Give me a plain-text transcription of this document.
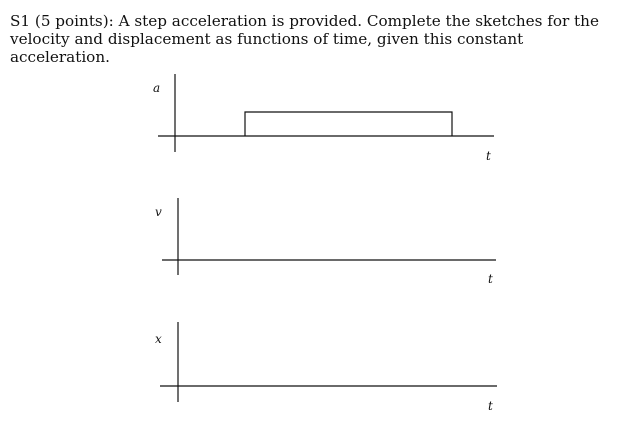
S1 (5 points): A step acceleration is provided. Complete the sketches for the velocity and displacement as functions of time, given this constant acceleration.

a
t
v
t
x
t
